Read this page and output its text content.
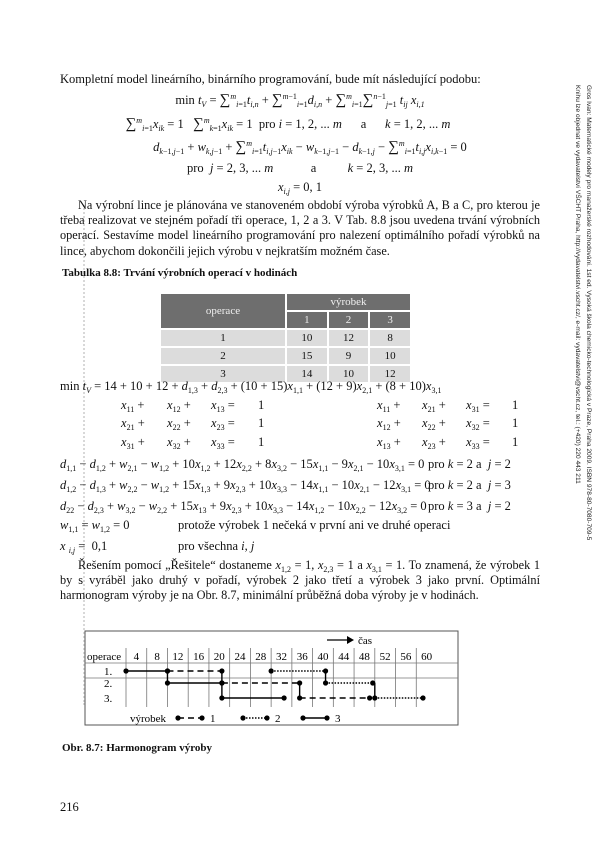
Kompletní model lineárního, binárního programování, bude mít následující podobu:
$\min t_V = \sum^m_{i=1}t_{i,n} + \sum^{m-1}_{i=1}d_{i,n} + \sum^m_{i=1}\sum^{n-1}_{j=1}$ $t_{ij}$ $x_{i,1}$
$\sum^m_{i=1}x_{ik} = 1$   $\sum^m_{k=1}x_{ik} = 1$  pro i = 1, 2, ... m      a      k = 1, 2, ... m
$d_{k-1,j-1} + w_{k,j-1} + \sum^m_{i=1}t_{i,j-1}x_{ik} - w_{k-1,j-1} - d_{k-1,j} - \sum^m_{i=1}t_{i,j}x_{i,k-1} = 0$
pro  j = 2, 3, ... m            a          k = 2, 3, ... m
$x_{i,j} = 0$, 1
Na výrobní lince je plánována ve stanoveném období výroba výrobků A, B a C, pro kterou je třeba realizovat ve stejném pořadí tři operace, 1, 2 a 3. V Tab. 8.8 jsou uvedena trvání výrobních operací. Sestavíme model lineárního programování pro nalezení optimálního pořadí výrobků na lince, abychom dokončili jejich výrobu v nejkratším možném čase.
Tabulka 8.8: Trvání výrobních operací v hodinách
operace	výrobek		
	1	2	3
1	10	12	8
2	15	9	10
3	14	10	12
$\min t_V = 14 + 10 + 12 + d_{1,3} + d_{2,3} + (10 + 15)x_{1,1} + (12 + 9)x_{2,1} + (8 + 10)x_{3,1}$
$x_{11} + x_{12} + x_{13} = 1$
$x_{21} + x_{22} + x_{23} = 1$
$x_{31} + x_{32} + x_{33} = 1$
$x_{11} + x_{21} + x_{31} = 1$
$x_{12} + x_{22} + x_{32} = 1$
$x_{13} + x_{23} + x_{33} = 1$
$d_{1,1} - d_{1,2} + w_{2,1} - w_{1,2} + 10x_{1,2} + 12x_{2,2} + 8x_{3,2} - 15x_{1,1} - 9x_{2,1} - 10x_{3,1} = 0$ pro k = 2 a  j = 2
$d_{1,2} - d_{1,3} + w_{2,2} - w_{1,2} + 15x_{1,3} + 9x_{2,3} + 10x_{3,3} - 14x_{1,1} - 10x_{2,1} - 12x_{3,1} = 0$
pro k = 2 a  j = 3
$d_{22} - d_{2,3} + w_{3,2} - w_{2,2} + 15x_{13} + 9x_{2,3} + 10x_{3,3} - 14x_{1,2} - 10x_{2,2} - 12x_{3,2} = 0$ pro k = 3 a  j = 2
$w_{1,1} = w_{1,2} = 0$	protože výrobek 1 nečeká v první ani ve druhé operaci
x $_{i,j}$ =  0,1	pro všechna i, j
Řešením pomocí „Řešitele“ dostaneme $x_{1,2} = 1$, $x_{2,3} = 1$ a $x_{3,1} = 1$. To znamená, že výrobek 1 by s vyráběl jako druhý v pořadí, výrobek 2 jako třetí a výrobek 3 jako první. Optimální harmonogram výroby je na Obr. 8.7, minimální průběžná doba výroby je v hodinách.
čas
operace 4 8 12 16 20 24 28 32 36 40 44 48 52 56 60
1.
2.
3.
výrobek	1	2	3
Obr. 8.7: Harmonogram výroby
216
Gros Ivan: Matematické modely pro manažerské rozhodování. 1st ed. Vysoká škola chemicko-technologická v Praze, Praha 2009. ISBN 978-80-7080-709-5
Knihu lze objednat ve vydavatelství VŠCHT Praha, http://vydavatelstvi.vscht.cz/, e-mail: vydavatelstvi@vscht.cz, tel.: (+420) 220 443 211
